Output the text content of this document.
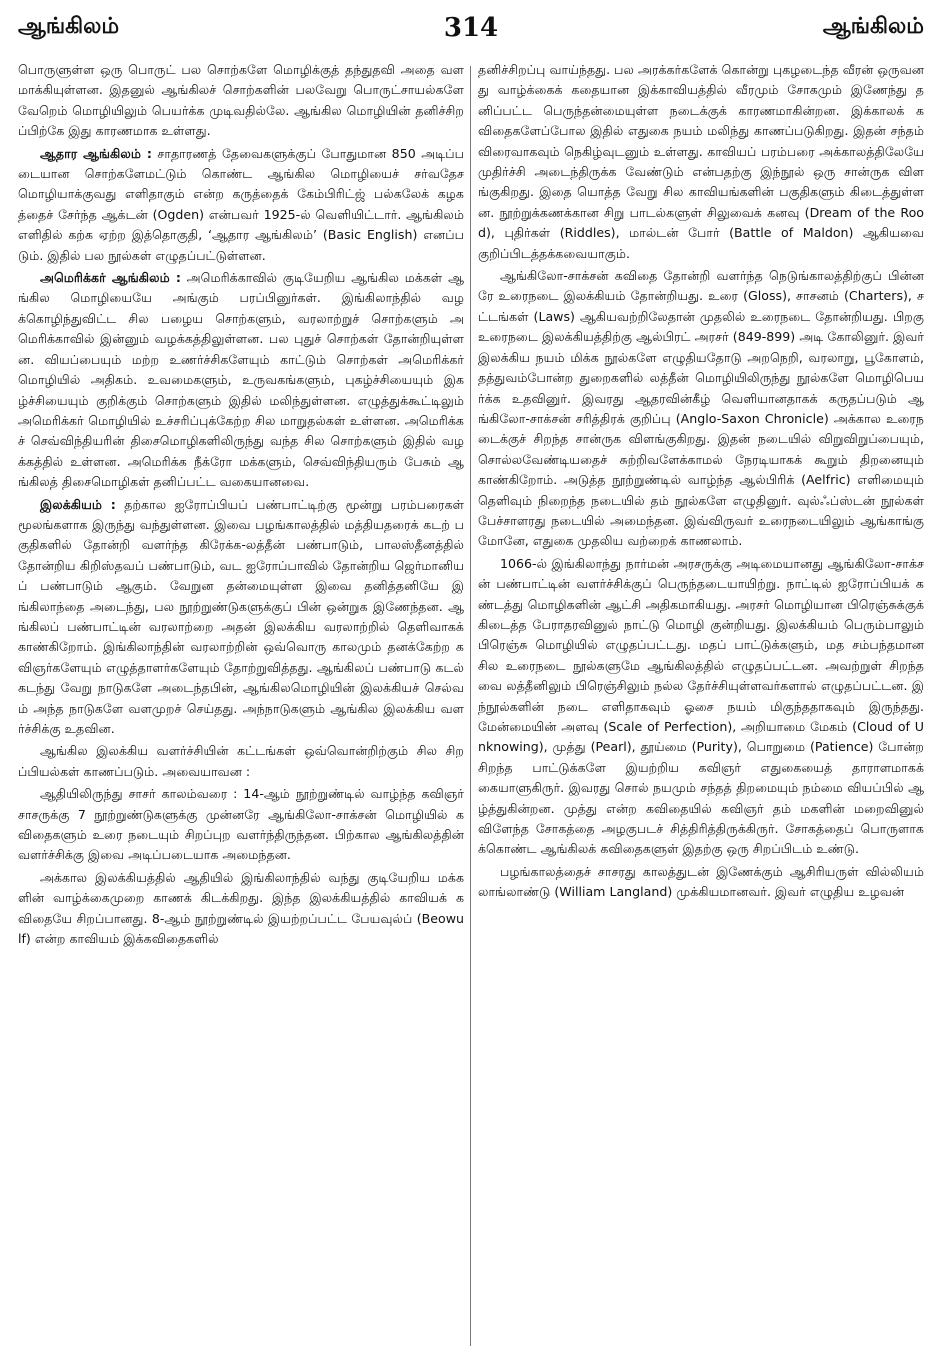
ஆங்கிலம்	314	ஆங்கிலம்

பொருளுள்ள ஒரு பொருட் பல சொற்களே மொழிக்குத் தந்துதவி அதை வளமாக்கியுள்ளன. இதனுல் ஆங்கிலச் சொற்களின் பலவேறு பொருட்சாயல்களே வேறெம் மொழியிலும் பெயர்க்க முடிவதில்லே. ஆங்கில மொழியின் தனிச்சிறப்பிற்கே இது காரணமாக உள்ளது.

ஆதார ஆங்கிலம் : சாதாரணத் தேவைகளுக்குப் போதுமான 850 அடிப்படையான சொற்களேமட்டும் கொண்ட ஆங்கில மொழியைச் சர்வதேச மொழியாக்குவது எளிதாகும் என்ற கருத்தைக் கேம்பிரிட்ஜ் பல்கலேக் கழகத்தைச் சேர்ந்த ஆக்டன் (Ogden) என்பவர் 1925-ல் வெளியிட்டார். ஆங்கிலம் எளிதில் கற்க ஏற்ற இத்தொகுதி, ‘ஆதார ஆங்கிலம்’ (Basic English) எனப்படும். இதில் பல நூல்கள் எழுதப்பட்டுள்ளன.

அமெரிக்கர் ஆங்கிலம் : அமெரிக்காவில் குடியேறிய ஆங்கில மக்கள் ஆங்கில மொழியையே அங்கும் பரப்பினுர்கள். இங்கிலாந்தில் வழக்கொழிந்துவிட்ட சில பழைய சொற்களும், வரலாற்றுச் சொற்களும் அமெரிக்காவில் இன்னும் வழக்கத்திலுள்ளன. பல புதுச் சொற்கள் தோன்றியுள்ளன. வியப்பையும் மற்ற உணர்ச்சிகளேயும் காட்டும் சொற்கள் அமெரிக்கர் மொழியில் அதிகம். உவமைகளும், உருவகங்களும், புகழ்ச்சியையும் இகழ்ச்சியையும் குறிக்கும் சொற்களும் இதில் மலிந்துள்ளன. எழுத்துக்கூட்டிலும் அமெரிக்கர் மொழியில் உச்சரிப்புக்கேற்ற சில மாறுதல்கள் உள்ளன. அமெரிக்கச் செவ்விந்தியரின் திசைமொழிகளிலிருந்து வந்த சில சொற்களும் இதில் வழக்கத்தில் உள்ளன. அமெரிக்க நீக்ரோ மக்களும், செவ்விந்தியரும் பேசும் ஆங்கிலத் திசைமொழிகள் தனிப்பட்ட வகையானவை.

இலக்கியம் : தற்கால ஐரோப்பியப் பண்பாட்டிற்கு மூன்று பரம்பரைகள் மூலங்களாக இருந்து வந்துள்ளன. இவை பழங்காலத்தில் மத்தியதரைக் கடற் பகுதிகளில் தோன்றி வளர்ந்த கிரேக்க-லத்தீன் பண்பாடும், பாலஸ்தீனத்தில் தோன்றிய கிறிஸ்தவப் பண்பாடும், வட ஐரோப்பாவில் தோன்றிய ஜெர்மானியப் பண்பாடும் ஆகும். வேறுன தன்மையுள்ள இவை தனித்தனியே இங்கிலாந்தை அடைந்து, பல நூற்றுண்டுகளுக்குப் பின் ஒன்றுக இணேந்தன. ஆங்கிலப் பண்பாட்டின் வரலாற்றை அதன் இலக்கிய வரலாற்றில் தெளிவாகக் காண்கிறோம். இங்கிலாந்தின் வரலாற்றின் ஒவ்வொரு காலமும் தனக்கேற்ற கவிஞர்களேயும் எழுத்தாளர்களேயும் தோற்றுவித்தது. ஆங்கிலப் பண்பாடு கடல் கடந்து வேறு நாடுகளே அடைந்தபின், ஆங்கிலமொழியின் இலக்கியச் செல்வம் அந்த நாடுகளே வளமுறச் செய்தது. அந்நாடுகளும் ஆங்கில இலக்கிய வளர்ச்சிக்கு உதவின.

ஆங்கில இலக்கிய வளர்ச்சியின் கட்டங்கள் ஒவ்வொன்றிற்கும் சில சிறப்பியல்கள் காணப்படும். அவையாவன :

ஆதியிலிருந்து சாசர் காலம்வரை : 14-ஆம் நூற்றுண்டில் வாழ்ந்த கவிஞர் சாசருக்கு 7 நூற்றுண்டுகளுக்கு முன்னரே ஆங்கிலோ-சாக்சன் மொழியில் கவிதைகளும் உரை நடையும் சிறப்புற வளர்ந்திருந்தன. பிற்கால ஆங்கிலத்தின் வளர்ச்சிக்கு இவை அடிப்படையாக அமைந்தன.

அக்கால இலக்கியத்தில் ஆதியில் இங்கிலாந்தில் வந்து குடியேறிய மக்களின் வாழ்க்கைமுறை காணக் கிடக்கிறது. இந்த இலக்கியத்தில் காவியக் கவிதையே சிறப்பானது. 8-ஆம் நூற்றுண்டில் இயற்றப்பட்ட பேயவுல்ப் (Beowulf) என்ற காவியம் இக்கவிதைகளில்

தனிச்சிறப்பு வாய்ந்தது. பல அரக்கர்களேக் கொன்று புகழடைந்த வீரன் ஒருவனது வாழ்க்கைக் கதையான இக்காவியத்தில் வீரமும் சோகமும் இணேந்து தனிப்பட்ட பெருந்தன்மையுள்ள நடைக்குக் காரணமாகின்றன. இக்காலக் கவிதைகளேப்போல இதில் எதுகை நயம் மலிந்து காணப்படுகிறது. இதன் சந்தம் விரைவாகவும் நெகிழ்வுடனும் உள்ளது. காவியப் பரம்பரை அக்காலத்திலேயே முதிர்ச்சி அடைந்திருக்க வேண்டும் என்பதற்கு இந்நூல் ஒரு சான்ருக விளங்குகிறது. இதை யொத்த வேறு சில காவியங்களின் பகுதிகளும் கிடைத்துள்ளன. நூற்றுக்கணக்கான சிறு பாடல்களுள் சிலுவைக் கனவு (Dream of the Rood), புதிர்கள் (Riddles), மால்டன் போர் (Battle of Maldon) ஆகியவை குறிப்பிடத்தக்கவையாகும்.

ஆங்கிலோ-சாக்சன் கவிதை தோன்றி வளர்ந்த நெடுங்காலத்திற்குப் பின்னரே உரைநடை இலக்கியம் தோன்றியது. உரை (Gloss), சாசனம் (Charters), சட்டங்கள் (Laws) ஆகியவற்றிலேதான் முதலில் உரைநடை தோன்றியது. பிறகு உரைநடை இலக்கியத்திற்கு ஆல்பிரட் அரசர் (849-899) அடி கோலினுர். இவர் இலக்கிய நயம் மிக்க நூல்களே எழுதியதோடு அறநெறி, வரலாறு, பூகோளம், தத்துவம்போன்ற துறைகளில் லத்தீன் மொழியிலிருந்து நூல்களே மொழிபெயர்க்க உதவினுர். இவரது ஆதரவின்கீழ் வெளியானதாகக் கருதப்படும் ஆங்கிலோ-சாக்சன் சரித்திரக் குறிப்பு (Anglo-Saxon Chronicle) அக்கால உரைநடைக்குச் சிறந்த சான்ருக விளங்குகிறது. இதன் நடையில் விறுவிறுப்பையும், சொல்லவேண்டியதைச் சுற்றிவளேக்காமல் நேரடியாகக் கூறும் திறனையும் காண்கிறோம். அடுத்த நூற்றுண்டில் வாழ்ந்த ஆல்பிரிக் (Aelfric) எளிமையும் தெளிவும் நிறைந்த நடையில் தம் நூல்களே எழுதினுர். வுல்ஃப்ஸ்டன் நூல்கள் பேச்சாளரது நடையில் அமைந்தன. இவ்விருவர் உரைநடையிலும் ஆங்காங்கு மோனே, எதுகை முதலிய வற்றைக் காணலாம்.

1066-ல் இங்கிலாந்து நார்மன் அரசருக்கு அடிமையானது ஆங்கிலோ-சாக்சன் பண்பாட்டின் வளர்ச்சிக்குப் பெருந்தடையாயிற்று. நாட்டில் ஐரோப்பியக் கண்டத்து மொழிகளின் ஆட்சி அதிகமாகியது. அரசர் மொழியான பிரெஞ்சுக்குக் கிடைத்த பேராதரவினுல் நாட்டு மொழி குன்றியது. இலக்கியம் பெரும்பாலும் பிரெஞ்சு மொழியில் எழுதப்பட்டது. மதப் பாட்டுக்களும், மத சம்பந்தமான சில உரைநடை நூல்களுமே ஆங்கிலத்தில் எழுதப்பட்டன. அவற்றுள் சிறந்தவை லத்தீனிலும் பிரெஞ்சிலும் நல்ல தேர்ச்சியுள்ளவர்களால் எழுதப்பட்டன. இந்நூல்களின் நடை எளிதாகவும் ஓசை நயம் மிகுந்ததாகவும் இருந்தது. மேன்மையின் அளவு (Scale of Perfection), அறியாமை மேகம் (Cloud of Unknowing), முத்து (Pearl), தூய்மை (Purity), பொறுமை (Patience) போன்ற சிறந்த பாட்டுக்களே இயற்றிய கவிஞர் எதுகையைத் தாராளமாகக் கையாளுகிருர். இவரது சொல் நயமும் சந்தத் திறமையும் நம்மை வியப்பில் ஆழ்த்துகின்றன. முத்து என்ற கவிதையில் கவிஞர் தம் மகளின் மறைவினுல் விளேந்த சோகத்தை அழகுபடச் சித்திரித்திருக்கிருர். சோகத்தைப் பொருளாகக்கொண்ட ஆங்கிலக் கவிதைகளுள் இதற்கு ஒரு சிறப்பிடம் உண்டு.

பழங்காலத்தைச் சாசரது காலத்துடன் இணேக்கும் ஆசிரியருள் வில்லியம் லாங்லாண்டு (William Langland) முக்கியமானவர். இவர் எழுதிய உழவன்
